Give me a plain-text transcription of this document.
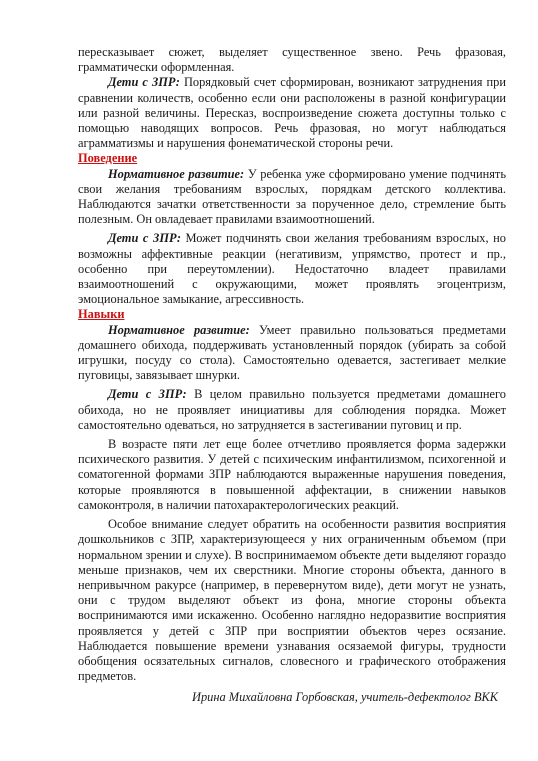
пересказывает сюжет, выделяет существенное звено. Речь фразовая, грамматически оформленная.

Дети с ЗПР: Порядковый счет сформирован, возникают затруднения при сравнении количеств, особенно если они расположены в разной конфигурации или разной величины. Пересказ, воспроизведение сюжета доступны только с помощью наводящих вопросов. Речь фразовая, но могут наблюдаться аграмматизмы и нарушения фонематической стороны речи.

Поведение

Нормативное развитие: У ребенка уже сформировано умение подчинять свои желания требованиям взрослых, порядкам детского коллектива. Наблюдаются зачатки ответственности за порученное дело, стремление быть полезным. Он овладевает правилами взаимоотношений.

Дети с ЗПР: Может подчинять свои желания требованиям взрослых, но возможны аффективные реакции (негативизм, упрямство, протест и пр., особенно при переутомлении). Недостаточно владеет правилами взаимоотношений с окружающими, может проявлять эгоцентризм, эмоциональное замыкание, агрессивность.

Навыки

Нормативное развитие: Умеет правильно пользоваться предметами домашнего обихода, поддерживать установленный порядок (убирать за собой игрушки, посуду со стола). Самостоятельно одевается, застегивает мелкие пуговицы, завязывает шнурки.

Дети с ЗПР: В целом правильно пользуется предметами домашнего обихода, но не проявляет инициативы для соблюдения порядка. Может самостоятельно одеваться, но затрудняется в застегивании пуговиц и пр.

В возрасте пяти лет еще более отчетливо проявляется форма задержки психического развития. У детей с психическим инфантилизмом, психогенной и соматогенной формами ЗПР наблюдаются выраженные нарушения поведения, которые проявляются в повышенной аффектации, в снижении навыков самоконтроля, в наличии патохарактерологических реакций.

Особое внимание следует обратить на особенности развития восприятия дошкольников с ЗПР, характеризующееся у них ограниченным объемом (при нормальном зрении и слухе). В воспринимаемом объекте дети выделяют гораздо меньше признаков, чем их сверстники. Многие стороны объекта, данного в непривычном ракурсе (например, в перевернутом виде), дети могут не узнать, они с трудом выделяют объект из фона, многие стороны объекта воспринимаются ими искаженно. Особенно наглядно недоразвитие восприятия проявляется у детей с ЗПР при восприятии объектов через осязание. Наблюдается повышение времени узнавания осязаемой фигуры, трудности обобщения осязательных сигналов, словесного и графического отображения предметов.

Ирина Михайловна Горбовская, учитель-дефектолог ВКК
